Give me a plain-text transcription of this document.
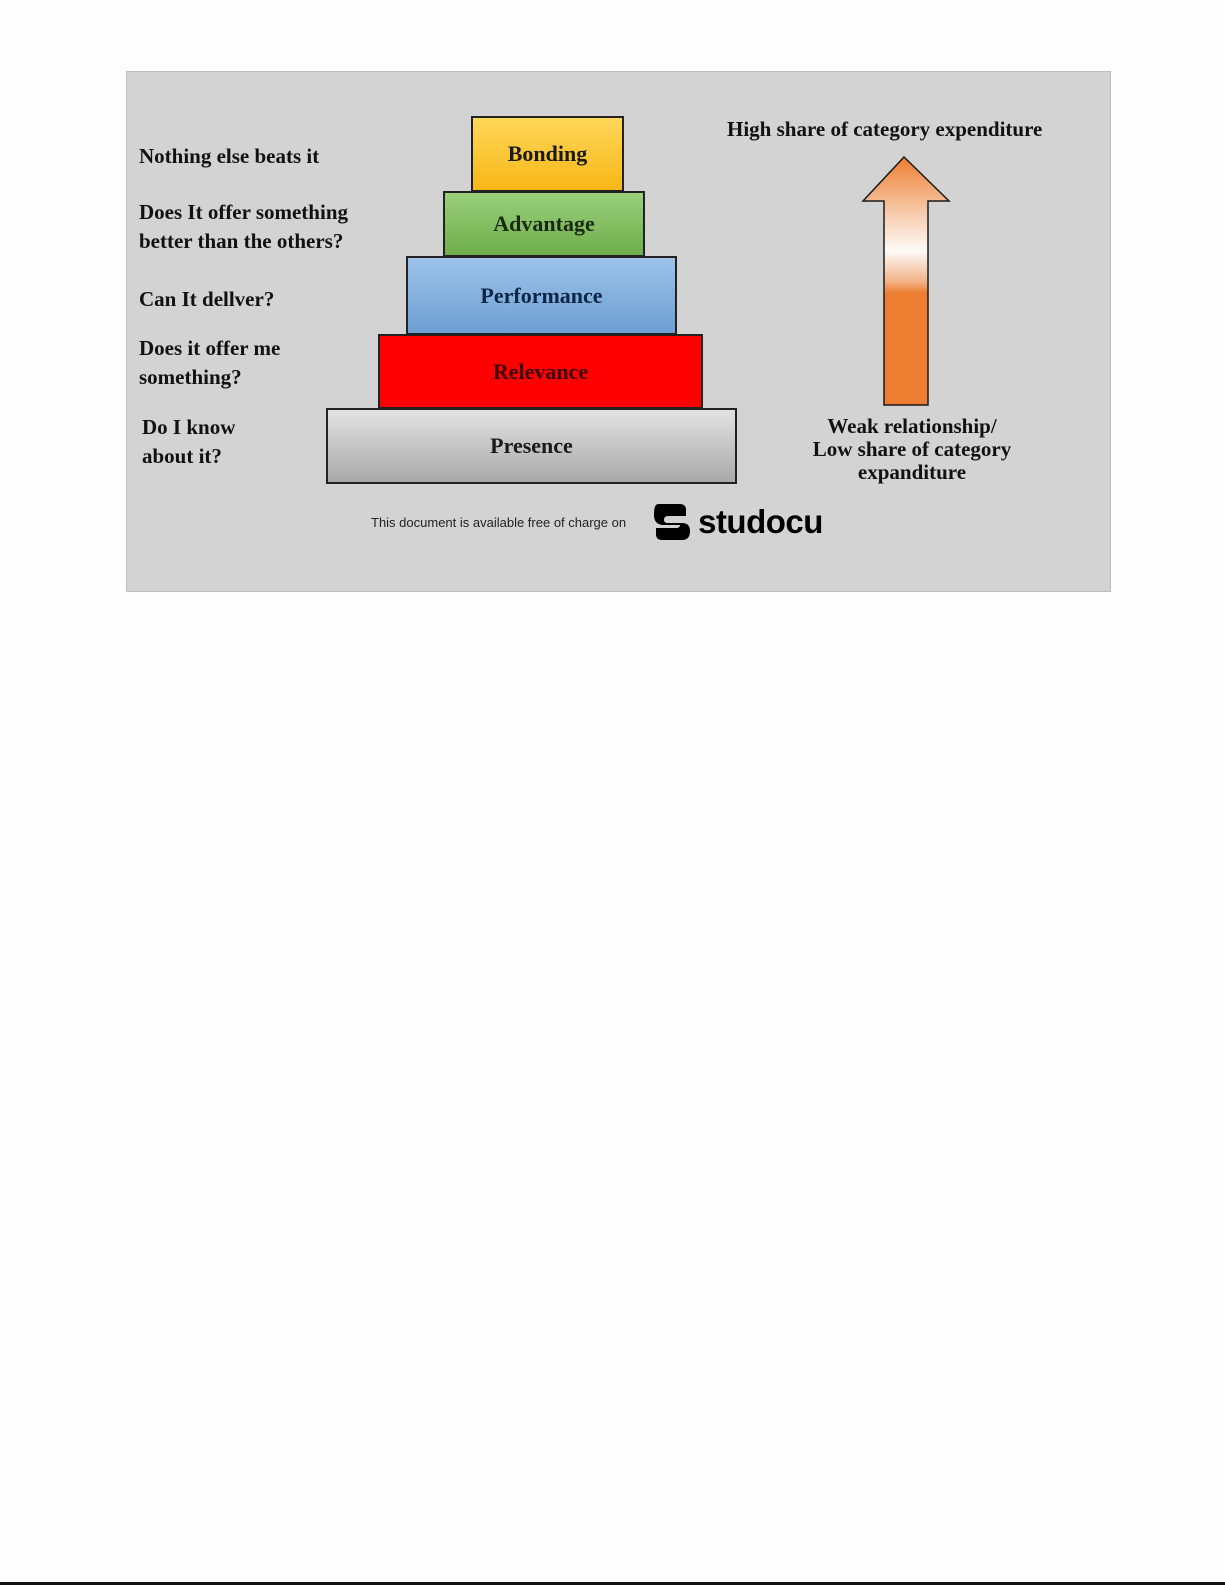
Nothing else beats it
Does It offer something
better than the others?
Can It dellver?
Does it offer me
something?
Do I know
about it?
Bonding
Advantage
Performance
Relevance
Presence
High share of category expenditure
Weak relationship/
Low share of category
expanditure
This document is available free of charge on studocu
